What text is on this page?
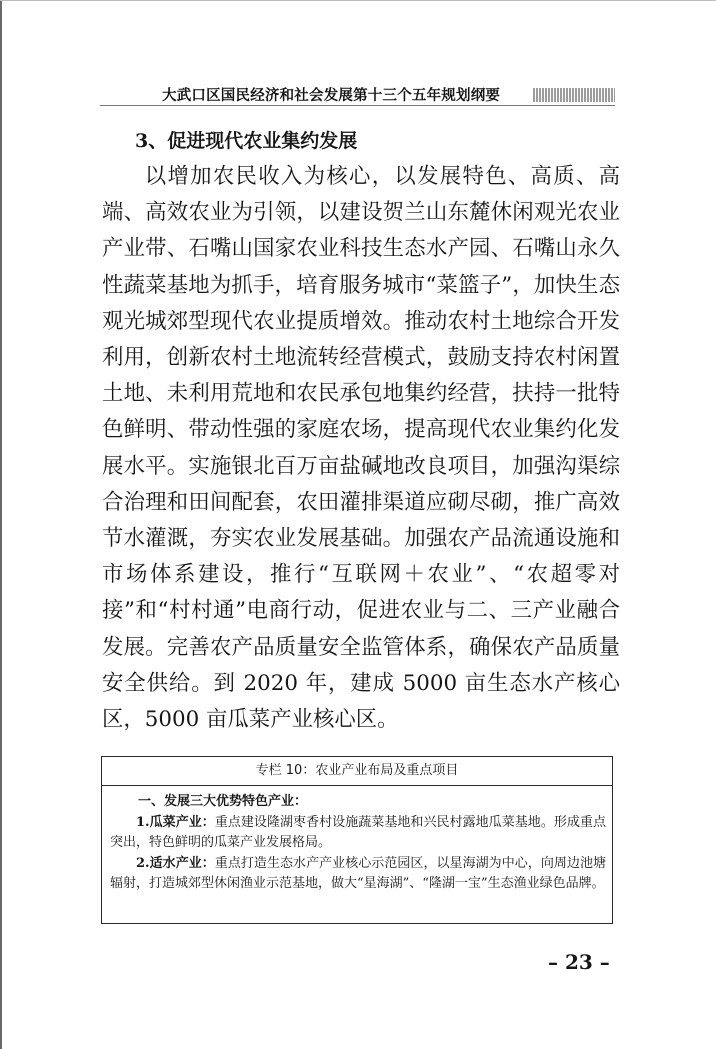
大武口区国民经济和社会发展第十三个五年规划纲要
3、促进现代农业集约发展

以增加农民收入为核心，以发展特色、高质、高端、高效农业为引领，以建设贺兰山东麓休闲观光农业产业带、石嘴山国家农业科技生态水产园、石嘴山永久性蔬菜基地为抓手，培育服务城市“菜篮子”，加快生态观光城郊型现代农业提质增效。推动农村土地综合开发利用，创新农村土地流转经营模式，鼓励支持农村闲置土地、未利用荒地和农民承包地集约经营，扶持一批特色鲜明、带动性强的家庭农场，提高现代农业集约化发展水平。实施银北百万亩盐碱地改良项目，加强沟渠综合治理和田间配套，农田灌排渠道应砌尽砌，推广高效节水灌溉，夯实农业发展基础。加强农产品流通设施和市场体系建设，推行“互联网＋农业”、“农超零对接”和“村村通”电商行动，促进农业与二、三产业融合发展。完善农产品质量安全监管体系，确保农产品质量安全供给。到 2020 年，建成 5000 亩生态水产核心区，5000 亩瓜菜产业核心区。

专栏 10：农业产业布局及重点项目
一、发展三大优势特色产业：

1.瓜菜产业：重点建设隆湖枣香村设施蔬菜基地和兴民村露地瓜菜基地。形成重点突出，特色鲜明的瓜菜产业发展格局。

2.适水产业：重点打造生态水产产业核心示范园区，以星海湖为中心，向周边池塘辐射，打造城郊型休闲渔业示范基地，做大“星海湖”、“隆湖一宝”生态渔业绿色品牌。

– 23 –
